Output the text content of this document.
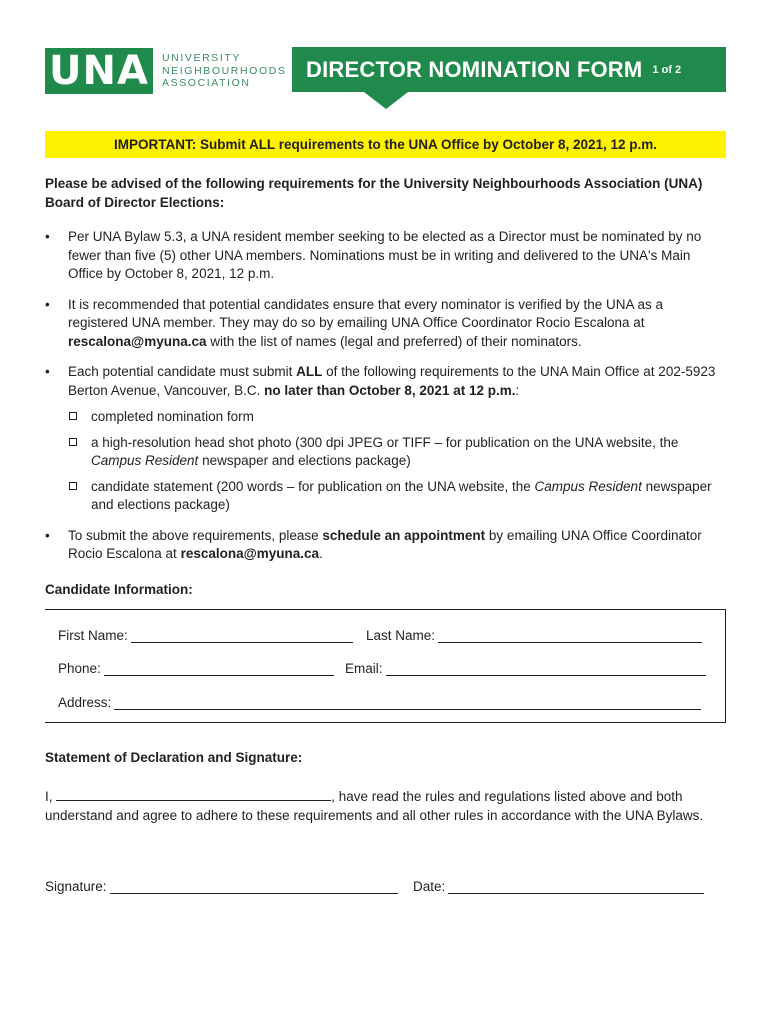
UNA	UNIVERSITY
NEIGHBOURHOODS
ASSOCIATION
DIRECTOR NOMINATION FORM 1 of 2
IMPORTANT: Submit ALL requirements to the UNA Office by October 8, 2021, 12 p.m.
Please be advised of the following requirements for the University Neighbourhoods Association (UNA) Board of Director Elections:
• Per UNA Bylaw 5.3, a UNA resident member seeking to be elected as a Director must be nominated by no fewer than five (5) other UNA members. Nominations must be in writing and delivered to the UNA's Main Office by October 8, 2021, 12 p.m.
• It is recommended that potential candidates ensure that every nominator is verified by the UNA as a registered UNA member. They may do so by emailing UNA Office Coordinator Rocio Escalona at rescalona@myuna.ca with the list of names (legal and preferred) of their nominators.
• Each potential candidate must submit ALL of the following requirements to the UNA Main Office at 202-5923 Berton Avenue, Vancouver, B.C. no later than October 8, 2021 at 12 p.m.:
completed nomination form
a high-resolution head shot photo (300 dpi JPEG or TIFF – for publication on the UNA website, the Campus Resident newspaper and elections package)
candidate statement (200 words – for publication on the UNA website, the Campus Resident newspaper and elections package)
• To submit the above requirements, please schedule an appointment by emailing UNA Office Coordinator Rocio Escalona at rescalona@myuna.ca.
Candidate Information:
First Name:	Last Name:
Phone:	Email:
Address:
Statement of Declaration and Signature:
I,	, have read the rules and regulations listed above and both understand and agree to adhere to these requirements and all other rules in accordance with the UNA Bylaws.
Signature:	Date:
